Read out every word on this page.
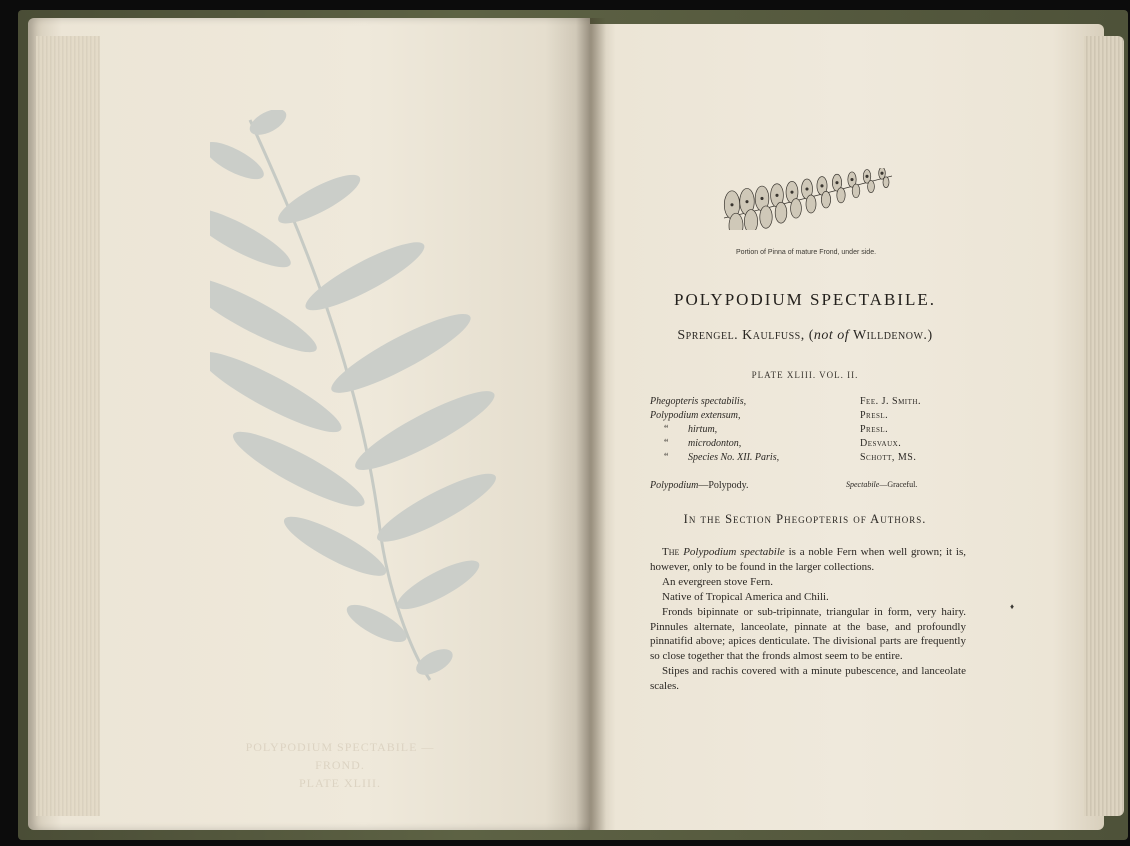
POLYPODIUM SPECTABILE — FROND.
PLATE XLIII.
Portion of Pinna of mature Frond, under side.
POLYPODIUM SPECTABILE.
Sprengel. Kaulfuss, (not of Willdenow.)
PLATE XLIII. VOL. II.
Phegopteris spectabilis,	Fee. J. Smith.
Polypodium extensum,	Presl.
“ hirtum,	Presl.
“ microdonton,	Desvaux.
“ Species No. XII. Paris,	Schott, MS.
Polypodium—Polypody.	Spectabile—Graceful.
In the Section Phegopteris of Authors.

The Polypodium spectabile is a noble Fern when well grown; it is, however, only to be found in the larger collections.

An evergreen stove Fern.

Native of Tropical America and Chili.

Fronds bipinnate or sub-tripinnate, triangular in form, very hairy. Pinnules alternate, lanceolate, pinnate at the base, and profoundly pinnatifid above; apices denticulate. The divisional parts are frequently so close together that the fronds almost seem to be entire.

Stipes and rachis covered with a minute pubescence, and lanceolate scales.

♦
